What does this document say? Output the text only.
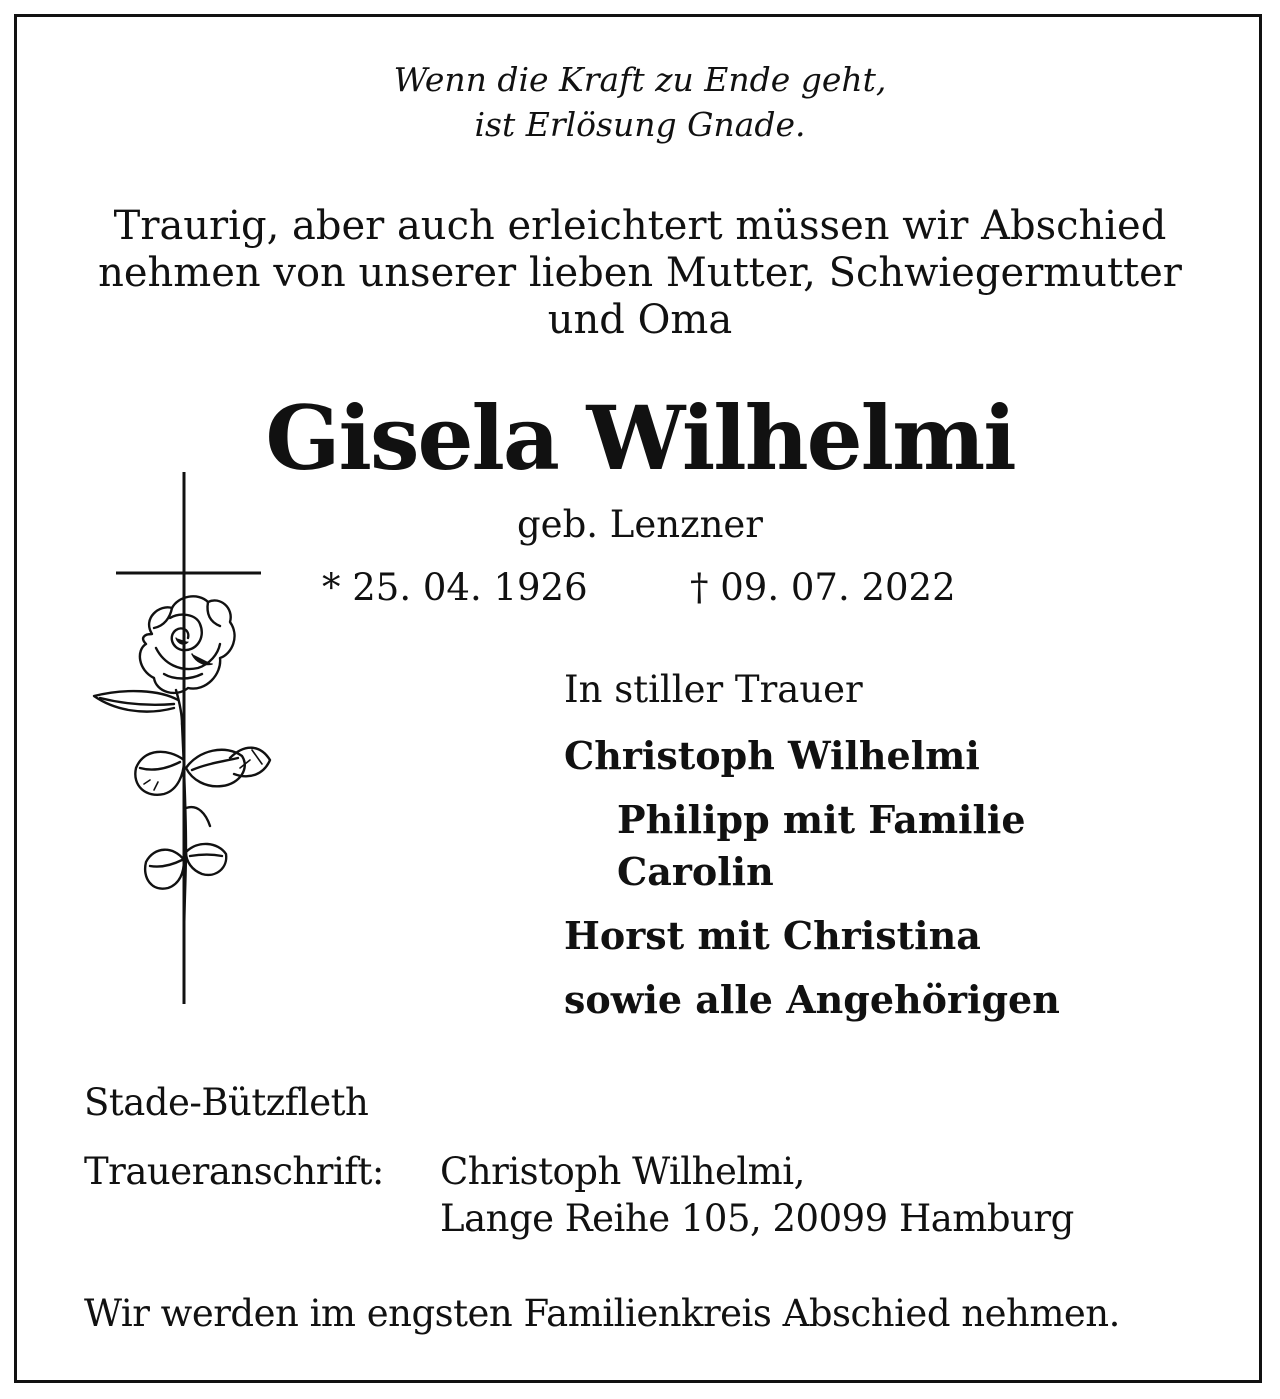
Wenn die Kraft zu Ende geht,
ist Erlösung Gnade.
Traurig, aber auch erleichtert müssen wir Abschied
nehmen von unserer lieben Mutter, Schwiegermutter
und Oma
Gisela Wilhelmi
geb. Lenzner
* 25. 04. 1926	† 09. 07. 2022
In stiller Trauer
Christoph Wilhelmi
Philipp mit Familie
Carolin
Horst mit Christina
sowie alle Angehörigen
Stade-Bützfleth
Traueranschrift: Christoph Wilhelmi,
Lange Reihe 105, 20099 Hamburg
Wir werden im engsten Familienkreis Abschied nehmen.
